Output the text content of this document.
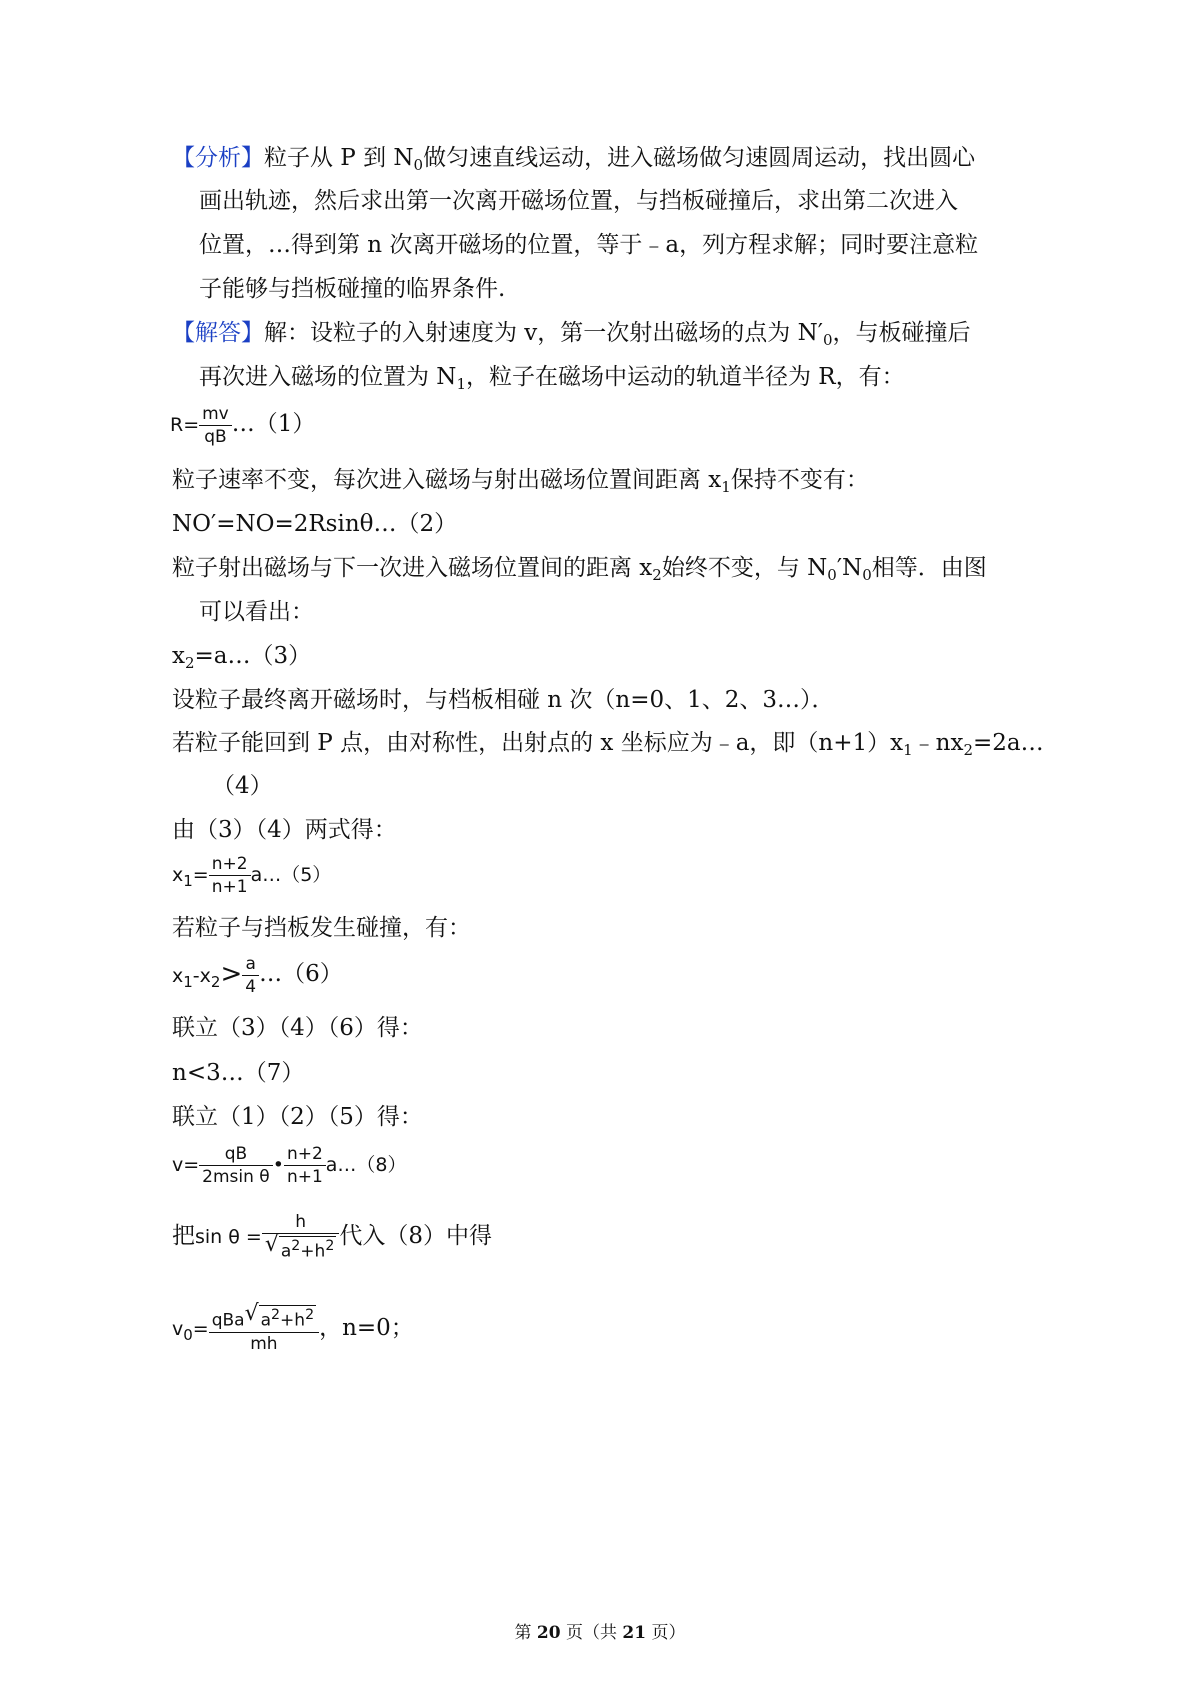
【分析】粒子从 P 到 $N_0$做匀速直线运动，进入磁场做匀速圆周运动，找出圆心
画出轨迹，然后求出第一次离开磁场位置，与挡板碰撞后，求出第二次进入
位置，…得到第 n 次离开磁场的位置，等于﹣a，列方程求解；同时要注意粒
子能够与挡板碰撞的临界条件.
【解答】解：设粒子的入射速度为 v，第一次射出磁场的点为 $N'_0$，与板碰撞后
再次进入磁场的位置为 $N_1$，粒子在磁场中运动的轨道半径为 R，有：
$R= \frac{mv}{qB}$ …（1）
粒子速率不变，每次进入磁场与射出磁场位置间距离 $x_1$保持不变有：
NO′=NO=2Rsinθ…（2）
粒子射出磁场与下一次进入磁场位置间的距离 $x_2$始终不变，与 $N_0'N_0$相等．由图
可以看出：
$x_2=a\dots(3)$
设粒子最终离开磁场时，与档板相碰 n 次（n=0、1、2、3…）．
若粒子能回到 P 点，由对称性，出射点的 x 坐标应为﹣a，即$(n+1)x_1﹣nx_2=2a\dots$
（4）
由（3）（4）两式得：
$x_1= \frac{n+2}{n+1}$ a…（5）
若粒子与挡板发生碰撞，有：
$x_1-x_2> \frac{a}{4}$ …（6）
联立（3）（4）（6）得：
n<3…（7）
联立（1）（2）（5）得：
$v= \frac{qB}{\text{2msin θ}}$ • $\frac{n+2}{n+1}$ a…（8）
把$\sin \theta = \frac{h}{√ a^2+h^2}$ 代入（8）中得
$v_0= \frac{qBa √ a^2+h^2}{mh}$ ，n=0；
第 20 页（共 21 页）
